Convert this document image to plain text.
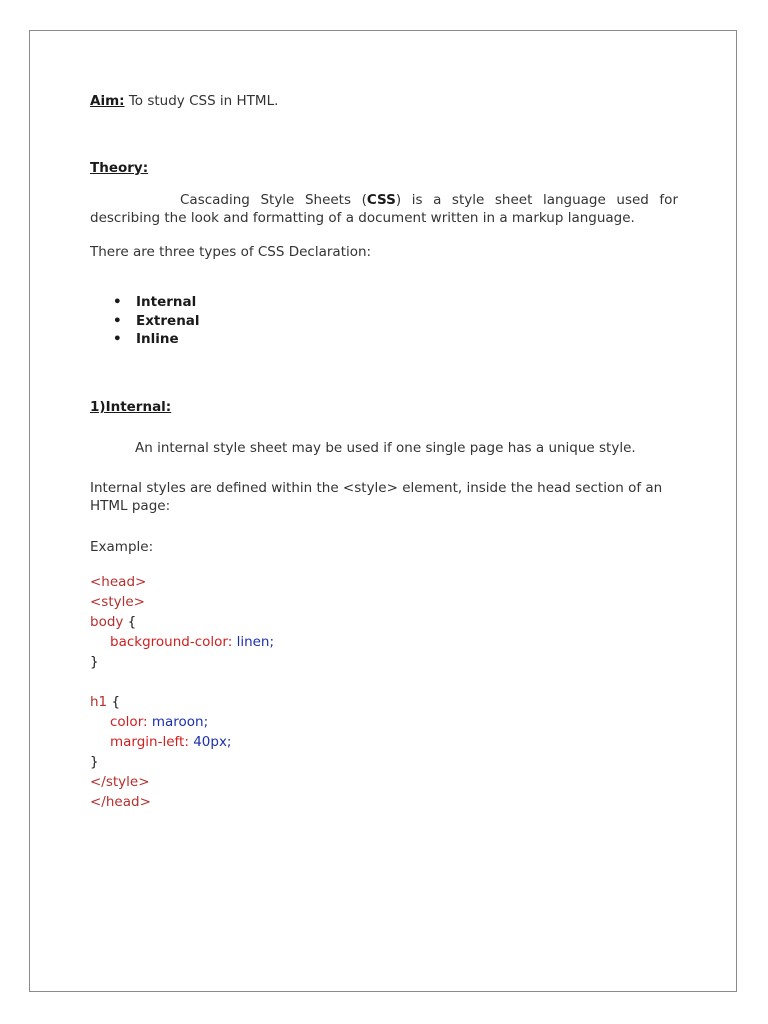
Aim: To study CSS in HTML.

Theory:

Cascading Style Sheets (CSS) is a style sheet language used for describing the look and formatting of a document written in a markup language.

There are three types of CSS Declaration:

• Internal
• Extrenal
• Inline

1)Internal:

An internal style sheet may be used if one single page has a unique style.

Internal styles are defined within the <style> element, inside the head section of an HTML page:

Example:

<head>
<style>
body {
background-color: linen;
}
h1 {
color: maroon;
margin-left: 40px;
}
</style>
</head>
